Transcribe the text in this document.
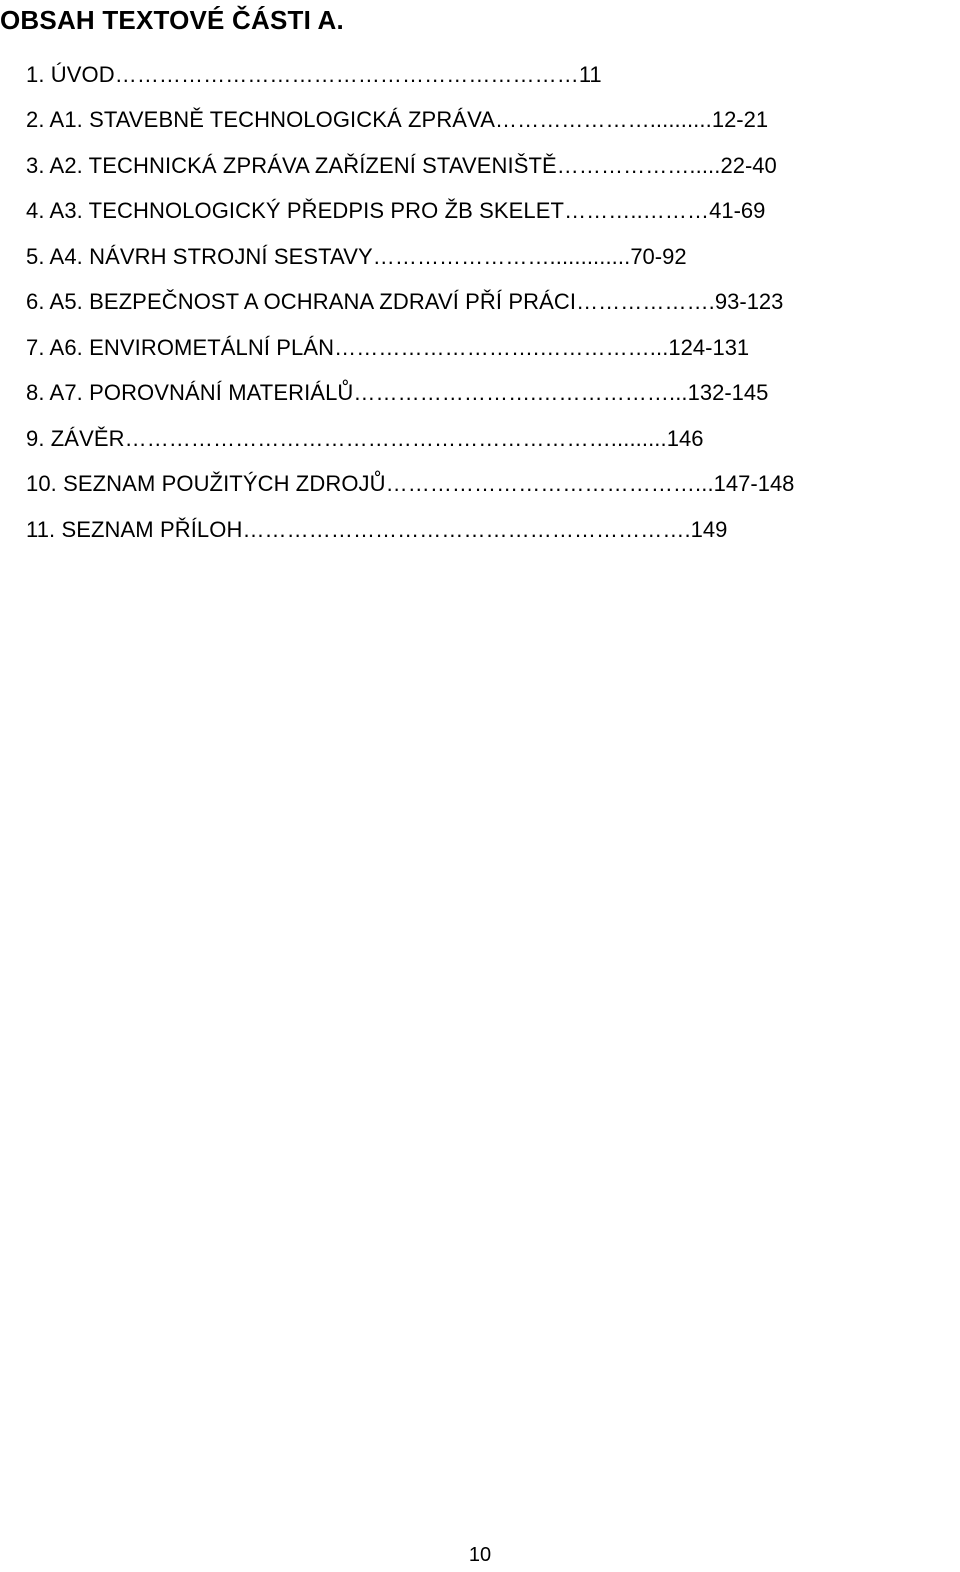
OBSAH TEXTOVÉ ČÁSTI A.
1. ÚVOD……………………………………………………… 11
2. A1. STAVEBNĚ TECHNOLOGICKÁ ZPRÁVA………………….......... 12-21
3. A2. TECHNICKÁ ZPRÁVA ZAŘÍZENÍ STAVENIŠTĚ………………..... 22-40
4. A3. TECHNOLOGICKÝ PŘEDPIS PRO ŽB SKELET………..……… 41-69
5. A4. NÁVRH STROJNÍ SESTAVY……………………............. 70-92
6. A5. BEZPEČNOST A OCHRANA ZDRAVÍ PŘÍ PRÁCI………………. 93-123
7. A6. ENVIROMETÁLNÍ PLÁN……………………….……………... 124-131
8. A7. POROVNÁNÍ MATERIÁLŮ…………………….………………... 132-145
9. ZÁVĚR…………………………………………………………......... 146
10. SEZNAM POUŽITÝCH ZDROJŮ……………………………………... 147-148
11. SEZNAM PŘÍLOH……………………………………………………. 149
10
